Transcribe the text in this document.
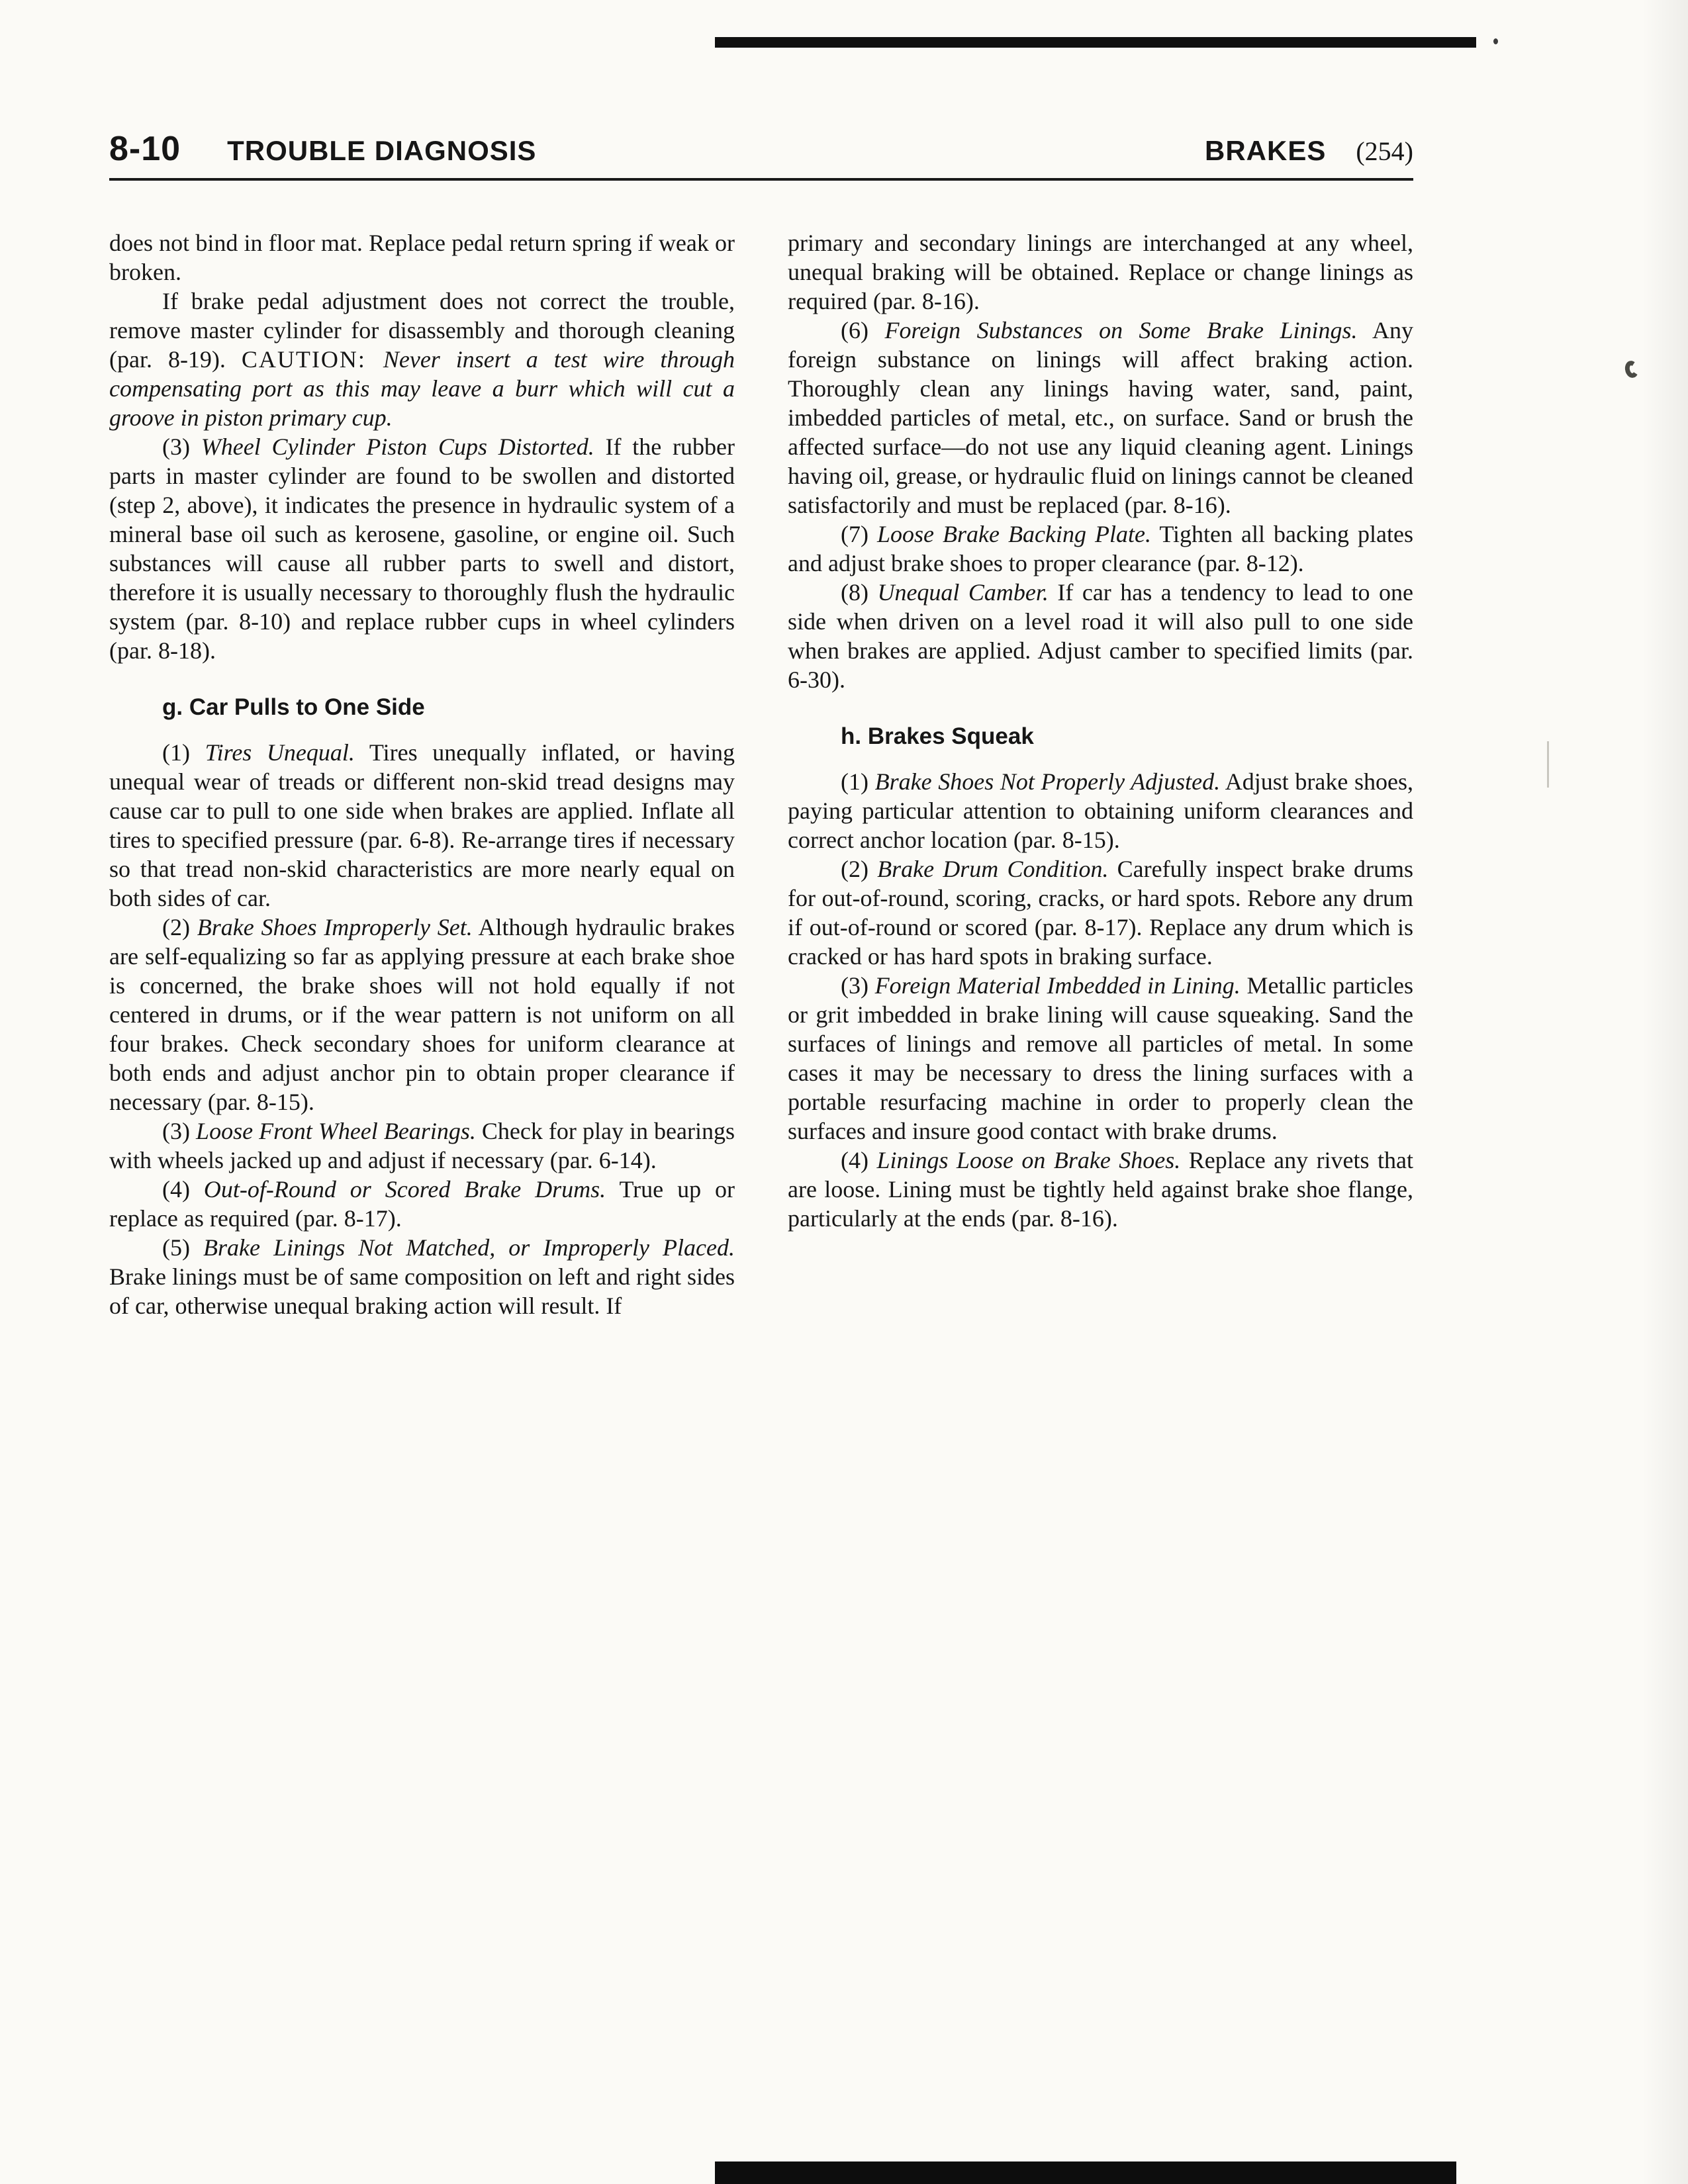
8-10 TROUBLE DIAGNOSIS	BRAKES (254)

does not bind in floor mat. Replace pedal return spring if weak or broken.

If brake pedal adjustment does not correct the trouble, remove master cylinder for disassembly and thorough cleaning (par. 8-19). CAUTION: Never insert a test wire through compensating port as this may leave a burr which will cut a groove in piston primary cup.

(3) Wheel Cylinder Piston Cups Distorted. If the rubber parts in master cylinder are found to be swollen and distorted (step 2, above), it indicates the presence in hydraulic system of a mineral base oil such as kerosene, gasoline, or engine oil. Such substances will cause all rubber parts to swell and distort, therefore it is usually necessary to thoroughly flush the hydraulic system (par. 8-10) and replace rubber cups in wheel cylinders (par. 8-18).

g. Car Pulls to One Side

(1) Tires Unequal. Tires unequally inflated, or having unequal wear of treads or different non-skid tread designs may cause car to pull to one side when brakes are applied. Inflate all tires to specified pressure (par. 6-8). Re-arrange tires if necessary so that tread non-skid characteristics are more nearly equal on both sides of car.

(2) Brake Shoes Improperly Set. Although hydraulic brakes are self-equalizing so far as applying pressure at each brake shoe is concerned, the brake shoes will not hold equally if not centered in drums, or if the wear pattern is not uniform on all four brakes. Check secondary shoes for uniform clearance at both ends and adjust anchor pin to obtain proper clearance if necessary (par. 8-15).

(3) Loose Front Wheel Bearings. Check for play in bearings with wheels jacked up and adjust if necessary (par. 6-14).

(4) Out-of-Round or Scored Brake Drums. True up or replace as required (par. 8-17).

(5) Brake Linings Not Matched, or Improperly Placed. Brake linings must be of same composition on left and right sides of car, otherwise unequal braking action will result. If

primary and secondary linings are interchanged at any wheel, unequal braking will be obtained. Replace or change linings as required (par. 8-16).

(6) Foreign Substances on Some Brake Linings. Any foreign substance on linings will affect braking action. Thoroughly clean any linings having water, sand, paint, imbedded particles of metal, etc., on surface. Sand or brush the affected surface—do not use any liquid cleaning agent. Linings having oil, grease, or hydraulic fluid on linings cannot be cleaned satisfactorily and must be replaced (par. 8-16).

(7) Loose Brake Backing Plate. Tighten all backing plates and adjust brake shoes to proper clearance (par. 8-12).

(8) Unequal Camber. If car has a tendency to lead to one side when driven on a level road it will also pull to one side when brakes are applied. Adjust camber to specified limits (par. 6-30).

h. Brakes Squeak

(1) Brake Shoes Not Properly Adjusted. Adjust brake shoes, paying particular attention to obtaining uniform clearances and correct anchor location (par. 8-15).

(2) Brake Drum Condition. Carefully inspect brake drums for out-of-round, scoring, cracks, or hard spots. Rebore any drum if out-of-round or scored (par. 8-17). Replace any drum which is cracked or has hard spots in braking surface.

(3) Foreign Material Imbedded in Lining. Metallic particles or grit imbedded in brake lining will cause squeaking. Sand the surfaces of linings and remove all particles of metal. In some cases it may be necessary to dress the lining surfaces with a portable resurfacing machine in order to properly clean the surfaces and insure good contact with brake drums.

(4) Linings Loose on Brake Shoes. Replace any rivets that are loose. Lining must be tightly held against brake shoe flange, particularly at the ends (par. 8-16).
